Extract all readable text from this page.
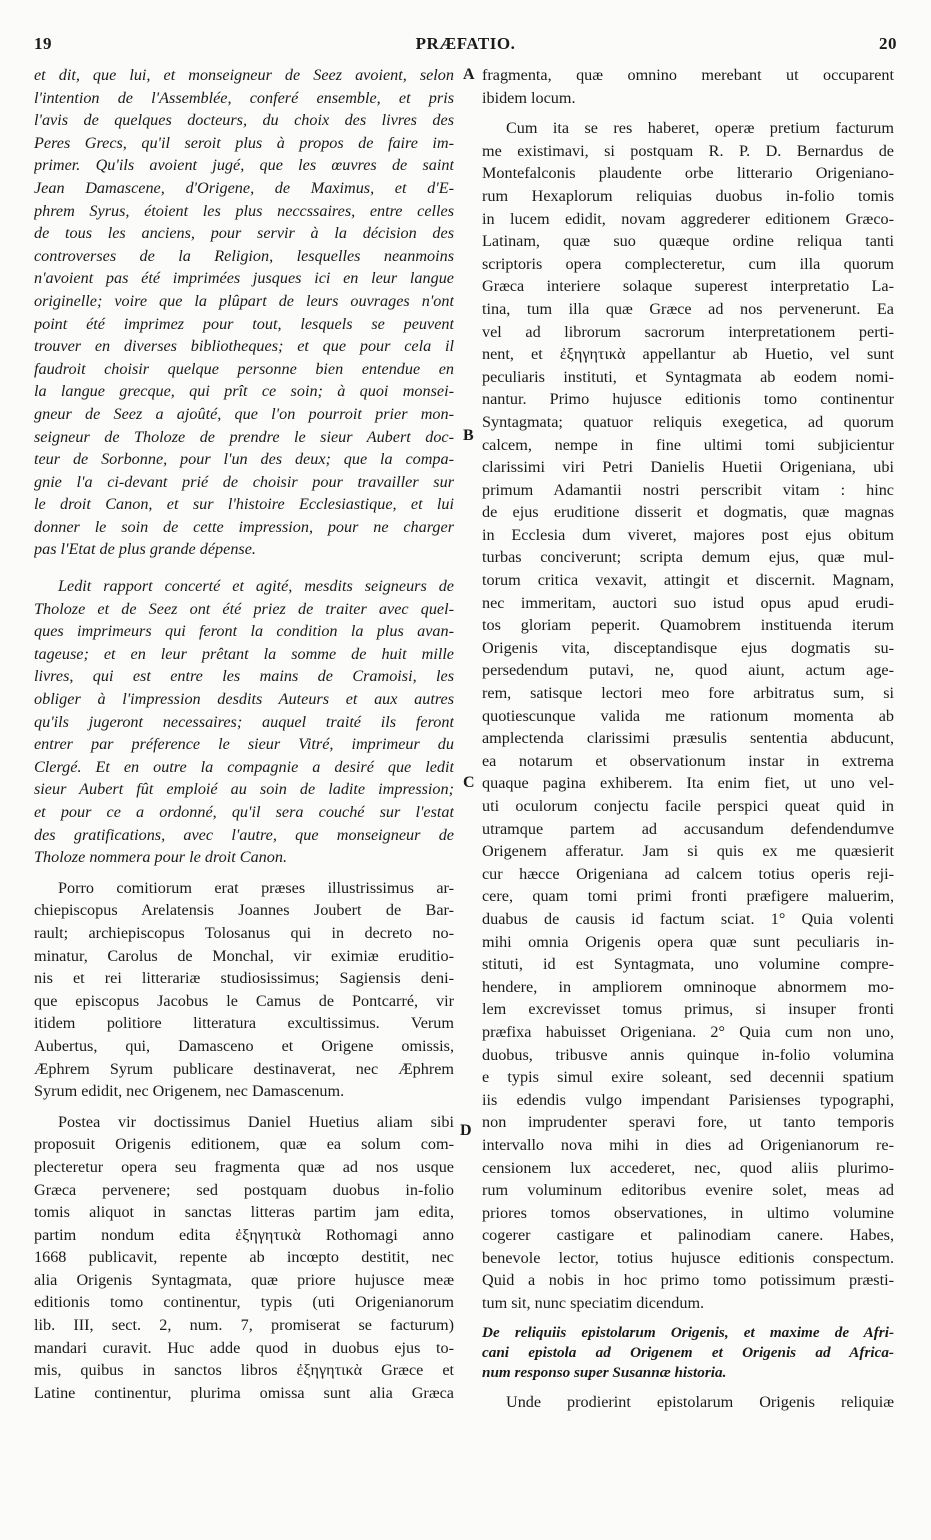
19	PRÆFATIO.	20
A
B
C
D
et dit, que lui, et monseigneur de Seez avoient, selon
l'intention de l'Assemblée, conferé ensemble, et pris
l'avis de quelques docteurs, du choix des livres des
Peres Grecs, qu'il seroit plus à propos de faire im-
primer. Qu'ils avoient jugé, que les œuvres de saint
Jean Damascene, d'Origene, de Maximus, et d'E-
phrem Syrus, étoient les plus neccssaires, entre celles
de tous les anciens, pour servir à la décision des
controverses de la Religion, lesquelles neanmoins
n'avoient pas été imprimées jusques ici en leur langue
originelle; voire que la plûpart de leurs ouvrages n'ont
point été imprimez pour tout, lesquels se peuvent
trouver en diverses bibliotheques; et que pour cela il
faudroit choisir quelque personne bien entendue en
la langue grecque, qui prît ce soin; à quoi monsei-
gneur de Seez a ajoûté, que l'on pourroit prier mon-
seigneur de Tholoze de prendre le sieur Aubert doc-
teur de Sorbonne, pour l'un des deux; que la compa-
gnie l'a ci-devant prié de choisir pour travailler sur
le droit Canon, et sur l'histoire Ecclesiastique, et lui
donner le soin de cette impression, pour ne charger
pas l'Etat de plus grande dépense.
Ledit rapport concerté et agité, mesdits seigneurs de
Tholoze et de Seez ont été priez de traiter avec quel-
ques imprimeurs qui feront la condition la plus avan-
tageuse; et en leur prêtant la somme de huit mille
livres, qui est entre les mains de Cramoisi, les
obliger à l'impression desdits Auteurs et aux autres
qu'ils jugeront necessaires; auquel traité ils feront
entrer par préference le sieur Vitré, imprimeur du
Clergé. Et en outre la compagnie a desiré que ledit
sieur Aubert fût emploié au soin de ladite impression;
et pour ce a ordonné, qu'il sera couché sur l'estat
des gratifications, avec l'autre, que monseigneur de
Tholoze nommera pour le droit Canon.
Porro comitiorum erat præses illustrissimus ar-
chiepiscopus Arelatensis Joannes Joubert de Bar-
rault; archiepiscopus Tolosanus qui in decreto no-
minatur, Carolus de Monchal, vir eximiæ eruditio-
nis et rei litterariæ studiosissimus; Sagiensis deni-
que episcopus Jacobus le Camus de Pontcarré, vir
itidem politiore litteratura excultissimus. Verum
Aubertus, qui, Damasceno et Origene omissis,
Æphrem Syrum publicare destinaverat, nec Æphrem
Syrum edidit, nec Origenem, nec Damascenum.
Postea vir doctissimus Daniel Huetius aliam sibi
proposuit Origenis editionem, quæ ea solum com-
plecteretur opera seu fragmenta quæ ad nos usque
Græca pervenere; sed postquam duobus in-folio
tomis aliquot in sanctas litteras partim jam edita,
partim nondum edita ἐξηγητικὰ Rothomagi anno
1668 publicavit, repente ab incœpto destitit, nec
alia Origenis Syntagmata, quæ priore hujusce meæ
editionis tomo continentur, typis (uti Origenianorum
lib. III, sect. 2, num. 7, promiserat se facturum)
mandari curavit. Huc adde quod in duobus ejus to-
mis, quibus in sanctos libros ἐξηγητικὰ Græce et
Latine continentur, plurima omissa sunt alia Græca
fragmenta, quæ omnino merebant ut occuparent
ibidem locum.
Cum ita se res haberet, operæ pretium facturum
me existimavi, si postquam R. P. D. Bernardus de
Montefalconis plaudente orbe litterario Origeniano-
rum Hexaplorum reliquias duobus in-folio tomis
in lucem edidit, novam aggrederer editionem Græco-
Latinam, quæ suo quæque ordine reliqua tanti
scriptoris opera complecteretur, cum illa quorum
Græca interiere solaque superest interpretatio La-
tina, tum illa quæ Græce ad nos pervenerunt. Ea
vel ad librorum sacrorum interpretationem perti-
nent, et ἐξηγητικὰ appellantur ab Huetio, vel sunt
peculiaris instituti, et Syntagmata ab eodem nomi-
nantur. Primo hujusce editionis tomo continentur
Syntagmata; quatuor reliquis exegetica, ad quorum
calcem, nempe in fine ultimi tomi subjicientur
clarissimi viri Petri Danielis Huetii Origeniana, ubi
primum Adamantii nostri perscribit vitam : hinc
de ejus eruditione disserit et dogmatis, quæ magnas
in Ecclesia dum viveret, majores post ejus obitum
turbas conciverunt; scripta demum ejus, quæ mul-
torum critica vexavit, attingit et discernit. Magnam,
nec immeritam, auctori suo istud opus apud erudi-
tos gloriam peperit. Quamobrem instituenda iterum
Origenis vita, disceptandisque ejus dogmatis su-
persedendum putavi, ne, quod aiunt, actum age-
rem, satisque lectori meo fore arbitratus sum, si
quotiescunque valida me rationum momenta ab
amplectenda clarissimi præsulis sententia abducunt,
ea notarum et observationum instar in extrema
quaque pagina exhiberem. Ita enim fiet, ut uno vel-
uti oculorum conjectu facile perspici queat quid in
utramque partem ad accusandum defendendumve
Origenem afferatur. Jam si quis ex me quæsierit
cur hæcce Origeniana ad calcem totius operis reji-
cere, quam tomi primi fronti præfigere maluerim,
duabus de causis id factum sciat. 1° Quia volenti
mihi omnia Origenis opera quæ sunt peculiaris in-
stituti, id est Syntagmata, uno volumine compre-
hendere, in ampliorem omninoque abnormem mo-
lem excrevisset tomus primus, si insuper fronti
præfixa habuisset Origeniana. 2° Quia cum non uno,
duobus, tribusve annis quinque in-folio volumina
e typis simul exire soleant, sed decennii spatium
iis edendis vulgo impendant Parisienses typographi,
non imprudenter speravi fore, ut tanto temporis
intervallo nova mihi in dies ad Origenianorum re-
censionem lux accederet, nec, quod aliis plurimo-
rum voluminum editoribus evenire solet, meas ad
priores tomos observationes, in ultimo volumine
cogerer castigare et palinodiam canere. Habes,
benevole lector, totius hujusce editionis conspectum.
Quid a nobis in hoc primo tomo potissimum præsti-
tum sit, nunc speciatim dicendum.
De reliquiis epistolarum Origenis, et maxime de Afri-
cani epistola ad Origenem et Origenis ad Africa-
num responso super Susannæ historia.
Unde prodierint epistolarum Origenis reliquiæ
